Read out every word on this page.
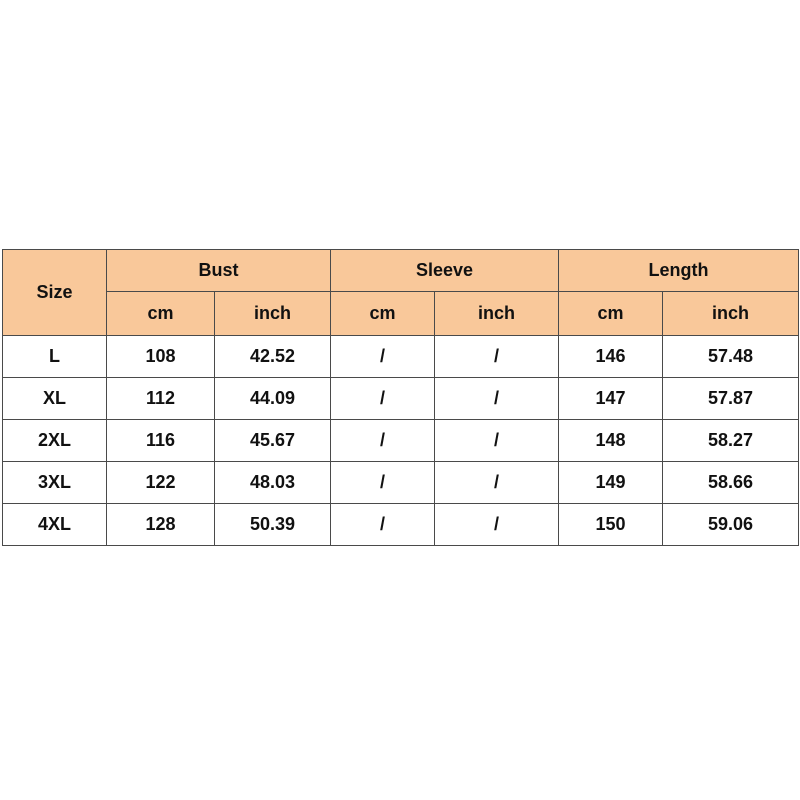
Size	Bust		Sleeve		Length	
	cm	inch	cm	inch	cm	inch
L	108	42.52	/	/	146	57.48
XL	112	44.09	/	/	147	57.87
2XL	116	45.67	/	/	148	58.27
3XL	122	48.03	/	/	149	58.66
4XL	128	50.39	/	/	150	59.06
